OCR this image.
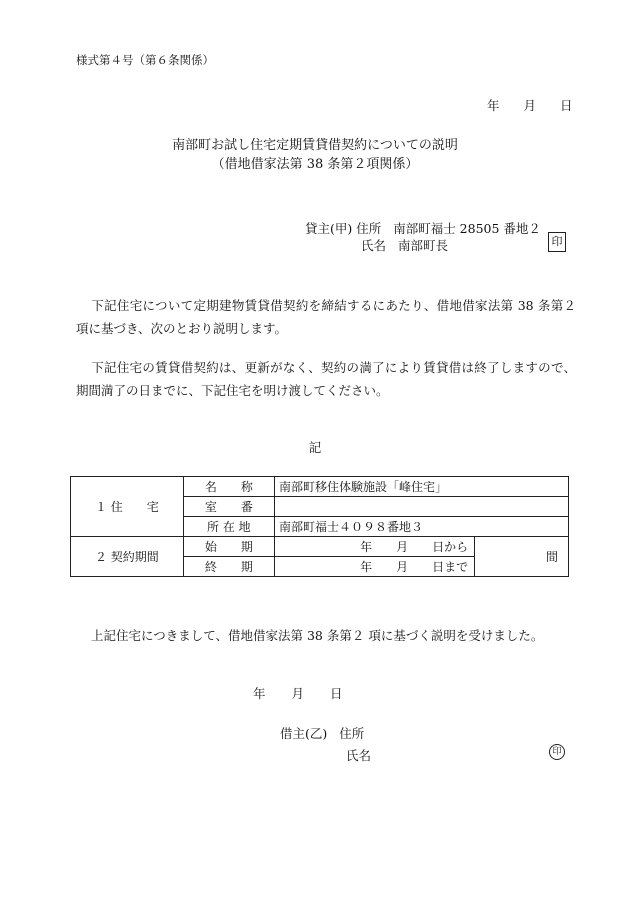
様式第４号（第６条関係）
年 月 日
南部町お試し住宅定期賃貸借契約についての説明
（借地借家法第 38 条第２項関係）
貸主(甲) 住所 南部町福士 28505 番地２
氏名 南部町長	印
下記住宅について定期建物賃貸借契約を締結するにあたり、借地借家法第 38 条第２ 項に基づき、次のとおり説明します。
下記住宅の賃貸借契約は、更新がなく、契約の満了により賃貸借は終了しますので、期間満了の日までに、下記住宅を明け渡してください。
記
１ 住　　宅	名　　称	南部町移住体験施設「峰住宅」	
	室　　番		
	所 在 地	南部町福士４０９８番地３	
２ 契約期間	始　　期	年　　月　　日から	間
	終　　期	年　　月　　日まで	
上記住宅につきまして、借地借家法第 38 条第２ 項に基づく説明を受けました。
年 月 日
借主(乙) 住所
氏名	印
